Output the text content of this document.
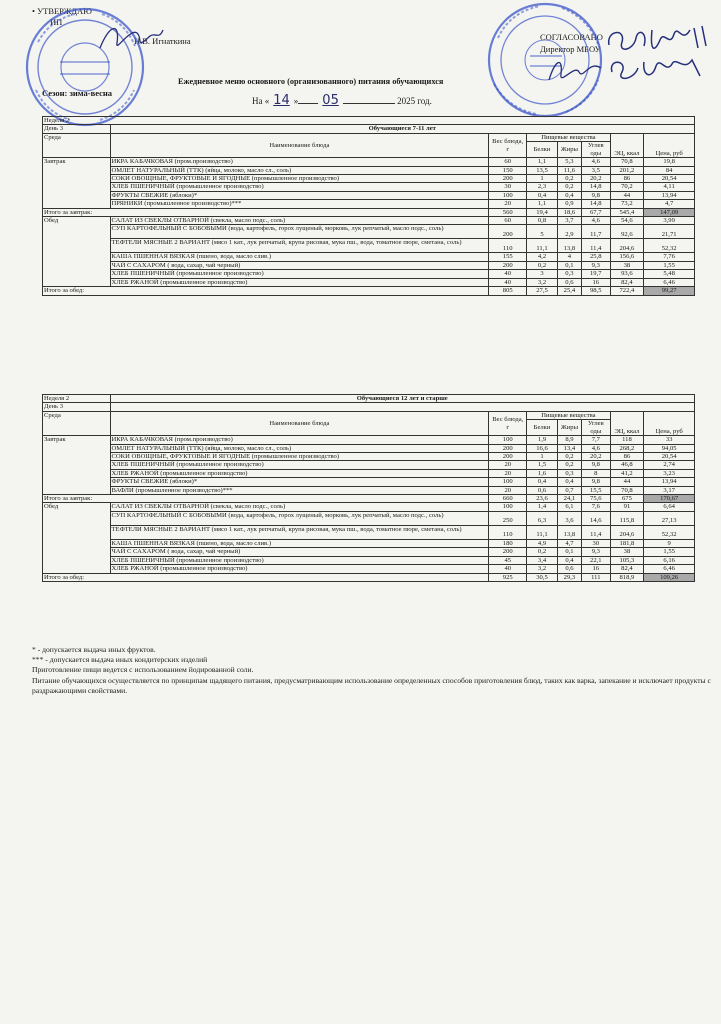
• УТВЕРЖДАЮ
ИП
Н.В. Игнаткина	СОГЛАСОВАНО
Директор МБОУ
Ежедневное меню основного (организованного) питания обучающихся
Сезон: зима-весна
На « 14 » 05	2025 год.
Неделя 2							
День 3	Обучающиеся 7-11 лет						
Среда	Наименование блюда	Вес блюда, г	Пищевые вещества			ЭЦ, ккал	Цена, руб
			Белки	Жиры	Углев оды		
Завтрак	ИКРА КАБАЧКОВАЯ (пром.производство)	60	1,1	5,3	4,6	70,8	19,8
	ОМЛЕТ НАТУРАЛЬНЫЙ (ТТК) (яйца, молоко, масло сл., соль)	150	13,5	11,6	3,5	201,2	84
	СОКИ ОВОЩНЫЕ, ФРУКТОВЫЕ И ЯГОДНЫЕ (промышленное производство)	200	1	0,2	20,2	86	20,54
	ХЛЕБ ПШЕНИЧНЫЙ (промышленное производство)	30	2,3	0,2	14,8	70,2	4,11
	ФРУКТЫ СВЕЖИЕ (яблоки)*	100	0,4	0,4	9,8	44	13,94
	ПРЯНИКИ (промышленное производство)***	20	1,1	0,9	14,8	73,2	4,7
Итого за завтрак:		560	19,4	18,6	67,7	545,4	147,09
Обед	САЛАТ ИЗ СВЕКЛЫ ОТВАРНОЙ (свекла, масло подс., соль)	60	0,8	3,7	4,6	54,6	3,99
	СУП КАРТОФЕЛЬНЫЙ С БОБОВЫМИ (вода, картофель, горох лущеный, морковь, лук репчатый, масло подс., соль)	200	5	2,9	11,7	92,6	21,71
	ТЕФТЕЛИ МЯСНЫЕ 2 ВАРИАНТ (мясо 1 кат., лук репчатый, крупа рисовая, мука пш., вода, томатное пюре, сметана, соль)	110	11,1	13,8	11,4	204,6	52,32
	КАША ПШЕННАЯ ВЯЗКАЯ (пшено, вода, масло слив.)	155	4,2	4	25,8	156,6	7,76
	ЧАЙ С САХАРОМ ( вода, сахар, чай черный)	200	0,2	0,1	9,3	38	1,55
	ХЛЕБ ПШЕНИЧНЫЙ (промышленное производство)	40	3	0,3	19,7	93,6	5,48
	ХЛЕБ РЖАНОЙ (промышленное производство)	40	3,2	0,6	16	82,4	6,46
Итого за обед:		805	27,5	25,4	98,5	722,4	99,27
Неделя 2	Обучающиеся 12 лет и старше						
День 3							
Среда	Наименование блюда	Вес блюда, г	Пищевые вещества			ЭЦ, ккал	Цена, руб
			Белки	Жиры	Углев оды		
Завтрак	ИКРА КАБАЧКОВАЯ (пром.производство)	100	1,9	8,9	7,7	118	33
	ОМЛЕТ НАТУРАЛЬНЫЙ (ТТК) (яйца, молоко, масло сл., соль)	200	16,6	13,4	4,6	268,2	94,05
	СОКИ ОВОЩНЫЕ, ФРУКТОВЫЕ И ЯГОДНЫЕ (промышленное производство)	200	1	0,2	20,2	86	20,54
	ХЛЕБ ПШЕНИЧНЫЙ (промышленное производство)	20	1,5	0,2	9,8	46,8	2,74
	ХЛЕБ РЖАНОЙ (промышленное производство)	20	1,6	0,3	8	41,2	3,23
	ФРУКТЫ СВЕЖИЕ (яблоки)*	100	0,4	0,4	9,8	44	13,94
	ВАФЛИ (промышленное производство)***	20	0,6	0,7	15,5	70,8	3,17
Итого за завтрак:		660	23,6	24,1	75,6	675	170,67
Обед	САЛАТ ИЗ СВЕКЛЫ ОТВАРНОЙ (свекла, масло подс., соль)	100	1,4	6,1	7,6	91	6,64
	СУП КАРТОФЕЛЬНЫЙ С БОБОВЫМИ (вода, картофель, горох лущеный, морковь, лук репчатый, масло подс., соль)	250	6,3	3,6	14,6	115,8	27,13
	ТЕФТЕЛИ МЯСНЫЕ 2 ВАРИАНТ (мясо 1 кат., лук репчатый, крупа рисовая, мука пш., вода, томатное пюре, сметана, соль)	110	11,1	13,8	11,4	204,6	52,32
	КАША ПШЕННАЯ ВЯЗКАЯ (пшено, вода, масло слив.)	180	4,9	4,7	30	181,8	9
	ЧАЙ С САХАРОМ ( вода, сахар, чай черный)	200	0,2	0,1	9,3	38	1,55
	ХЛЕБ ПШЕНИЧНЫЙ (промышленное производство)	45	3,4	0,4	22,1	105,3	6,16
	ХЛЕБ РЖАНОЙ (промышленное производство)	40	3,2	0,6	16	82,4	6,46
Итого за обед:		925	30,5	29,3	111	818,9	109,26
* - допускается выдача иных фруктов.
*** - допускается выдача иных кондитерских изделий
Приготовление пищи ведется с использованием йодированной соли.
Питание обучающихся осуществляется по принципам щадящего питания, предусматривающим использование определенных способов приготовления блюд, таких как варка, запекание и исключает продукты с раздражающими свойствами.
